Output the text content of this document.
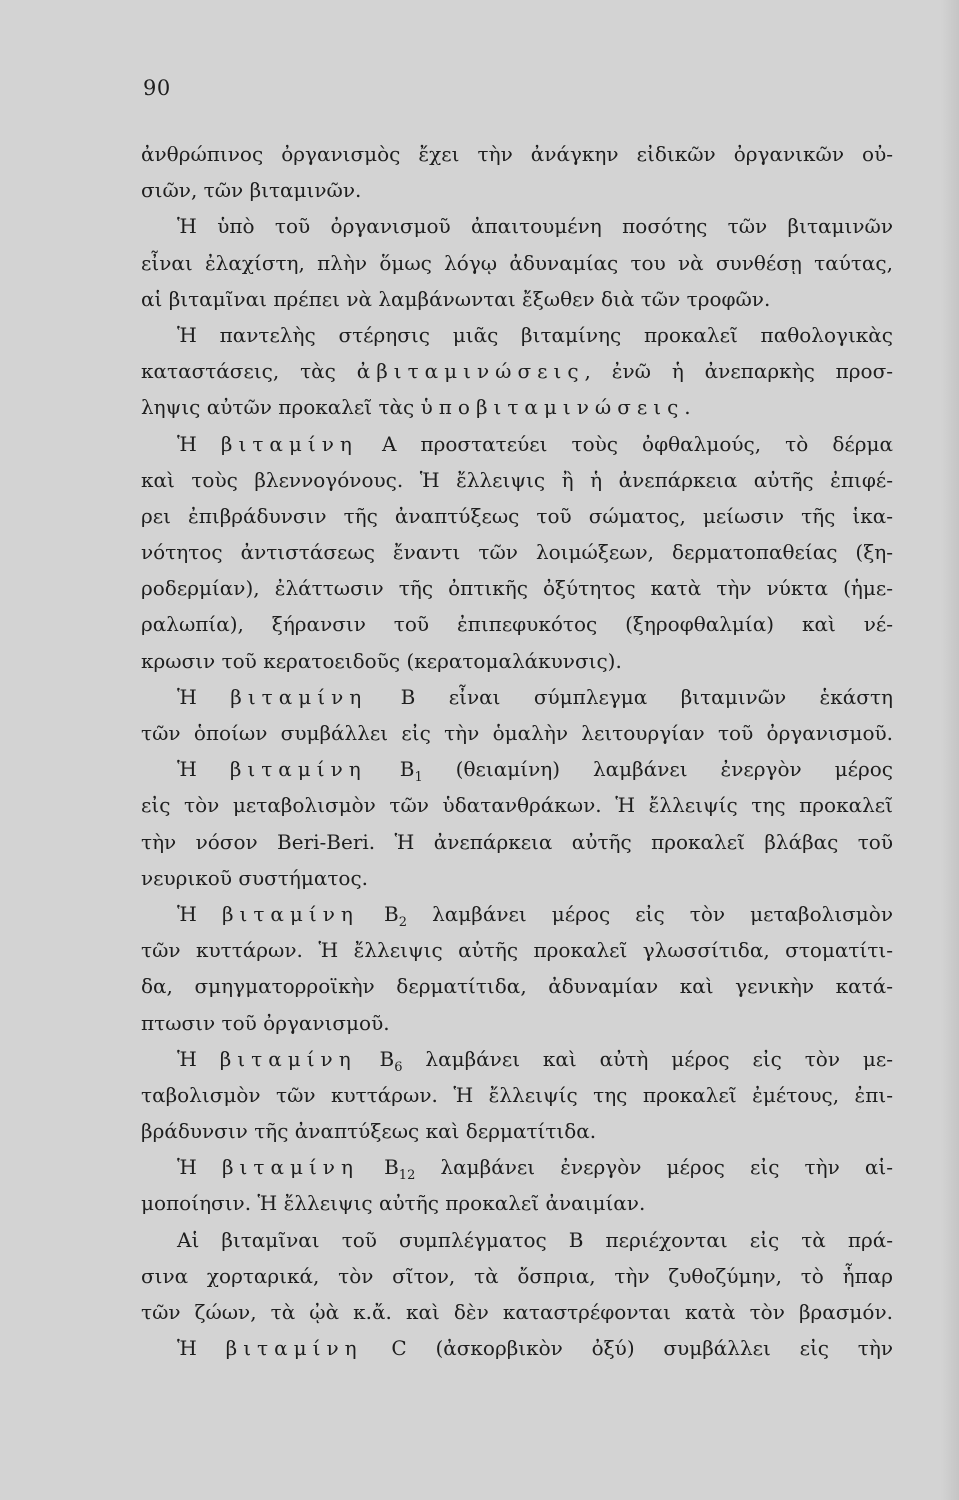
90
ἀνθρώπινος ὀργανισμὸς ἔχει τὴν ἀνάγκην εἰδικῶν ὀργανικῶν οὐ-
σιῶν, τῶν βιταμινῶν.
Ἡ ὑπὸ τοῦ ὀργανισμοῦ ἀπαιτουμένη ποσότης τῶν βιταμινῶν
εἶναι ἐλαχίστη, πλὴν ὅμως λόγῳ ἀδυναμίας του νὰ συνθέσῃ ταύτας,
αἱ βιταμῖναι πρέπει νὰ λαμβάνωνται ἔξωθεν διὰ τῶν τροφῶν.
Ἡ παντελὴς στέρησις μιᾶς βιταμίνης προκαλεῖ παθολογικὰς
καταστάσεις, τὰς ἀβιταμινώσεις, ἐνῶ ἡ ἀνεπαρκὴς προσ-
ληψις αὐτῶν προκαλεῖ τὰς ὑποβιταμινώσεις.
Ἡ βιταμίνη A προστατεύει τοὺς ὀφθαλμούς, τὸ δέρμα
καὶ τοὺς βλεννογόνους. Ἡ ἔλλειψις ἢ ἡ ἀνεπάρκεια αὐτῆς ἐπιφέ-
ρει ἐπιβράδυνσιν τῆς ἀναπτύξεως τοῦ σώματος, μείωσιν τῆς ἱκα-
νότητος ἀντιστάσεως ἔναντι τῶν λοιμώξεων, δερματοπαθείας (ξη-
ροδερμίαν), ἐλάττωσιν τῆς ὀπτικῆς ὀξύτητος κατὰ τὴν νύκτα (ἡμε-
ραλωπία), ξήρανσιν τοῦ ἐπιπεφυκότος (ξηροφθαλμία) καὶ νέ-
κρωσιν τοῦ κερατοειδοῦς (κερατομαλάκυνσις).
Ἡ βιταμίνη B εἶναι σύμπλεγμα βιταμινῶν ἑκάστη
τῶν ὁποίων συμβάλλει εἰς τὴν ὁμαλὴν λειτουργίαν τοῦ ὀργανισμοῦ.
Ἡ βιταμίνη $B_1$ (θειαμίνη) λαμβάνει ἐνεργὸν μέρος
εἰς τὸν μεταβολισμὸν τῶν ὑδατανθράκων. Ἡ ἔλλειψίς της προκαλεῖ
τὴν νόσον Beri-Beri. Ἡ ἀνεπάρκεια αὐτῆς προκαλεῖ βλάβας τοῦ
νευρικοῦ συστήματος.
Ἡ βιταμίνη $B_2$ λαμβάνει μέρος εἰς τὸν μεταβολισμὸν
τῶν κυττάρων. Ἡ ἔλλειψις αὐτῆς προκαλεῖ γλωσσίτιδα, στοματίτι-
δα, σμηγματορροϊκὴν δερματίτιδα, ἀδυναμίαν καὶ γενικὴν κατά-
πτωσιν τοῦ ὀργανισμοῦ.
Ἡ βιταμίνη $B_6$ λαμβάνει καὶ αὐτὴ μέρος εἰς τὸν με-
ταβολισμὸν τῶν κυττάρων. Ἡ ἔλλειψίς της προκαλεῖ ἐμέτους, ἐπι-
βράδυνσιν τῆς ἀναπτύξεως καὶ δερματίτιδα.
Ἡ βιταμίνη $B_{12}$ λαμβάνει ἐνεργὸν μέρος εἰς τὴν αἱ-
μοποίησιν. Ἡ ἔλλειψις αὐτῆς προκαλεῖ ἀναιμίαν.
Αἱ βιταμῖναι τοῦ συμπλέγματος B περιέχονται εἰς τὰ πρά-
σινα χορταρικά, τὸν σῖτον, τὰ ὄσπρια, τὴν ζυθοζύμην, τὸ ἧπαρ
τῶν ζώων, τὰ ᾠὰ κ.ἄ. καὶ δὲν καταστρέφονται κατὰ τὸν βρασμόν.
Ἡ βιταμίνη C (ἀσκορβικὸν ὀξύ) συμβάλλει εἰς τὴν
